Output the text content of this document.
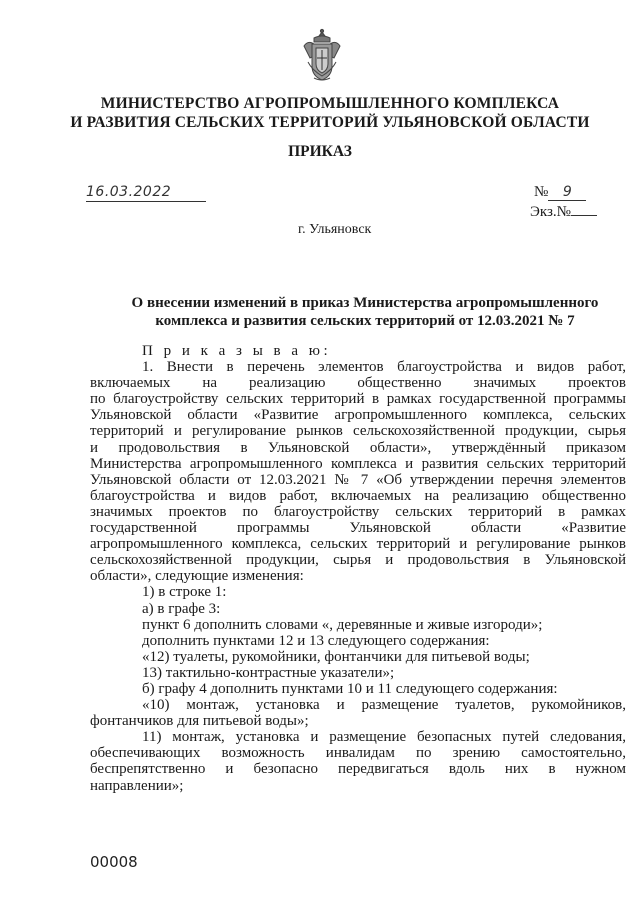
МИНИСТЕРСТВО АГРОПРОМЫШЛЕННОГО КОМПЛЕКСА
И РАЗВИТИЯ СЕЛЬСКИХ ТЕРРИТОРИЙ УЛЬЯНОВСКОЙ ОБЛАСТИ
ПРИКАЗ
16.03.2022	№ 9
Экз.№
г. Ульяновск
О внесении изменений в приказ Министерства агропромышленного
комплекса и развития сельских территорий от 12.03.2021 № 7

П р и к а з ы в а ю:

1. Внести в перечень элементов благоустройства и видов работ,

включаемых на реализацию общественно значимых проектов

по благоустройству сельских территорий в рамках государственной программы

Ульяновской области «Развитие агропромышленного комплекса, сельских

территорий и регулирование рынков сельскохозяйственной продукции, сырья

и продовольствия в Ульяновской области», утверждённый приказом

Министерства агропромышленного комплекса и развития сельских территорий

Ульяновской области от 12.03.2021 № 7 «Об утверждении перечня элементов

благоустройства и видов работ, включаемых на реализацию общественно

значимых проектов по благоустройству сельских территорий в рамках

государственной программы Ульяновской области «Развитие

агропромышленного комплекса, сельских территорий и регулирование рынков

сельскохозяйственной продукции, сырья и продовольствия в Ульяновской

области», следующие изменения:

1) в строке 1:

а) в графе 3:

пункт 6 дополнить словами «, деревянные и живые изгороди»;

дополнить пунктами 12 и 13 следующего содержания:

«12) туалеты, рукомойники, фонтанчики для питьевой воды;

13) тактильно-контрастные указатели»;

б) графу 4 дополнить пунктами 10 и 11 следующего содержания:

«10) монтаж, установка и размещение туалетов, рукомойников,

фонтанчиков для питьевой воды»;

11) монтаж, установка и размещение безопасных путей следования,

обеспечивающих возможность инвалидам по зрению самостоятельно,

беспрепятственно и безопасно передвигаться вдоль них в нужном

направлении»;

00008
